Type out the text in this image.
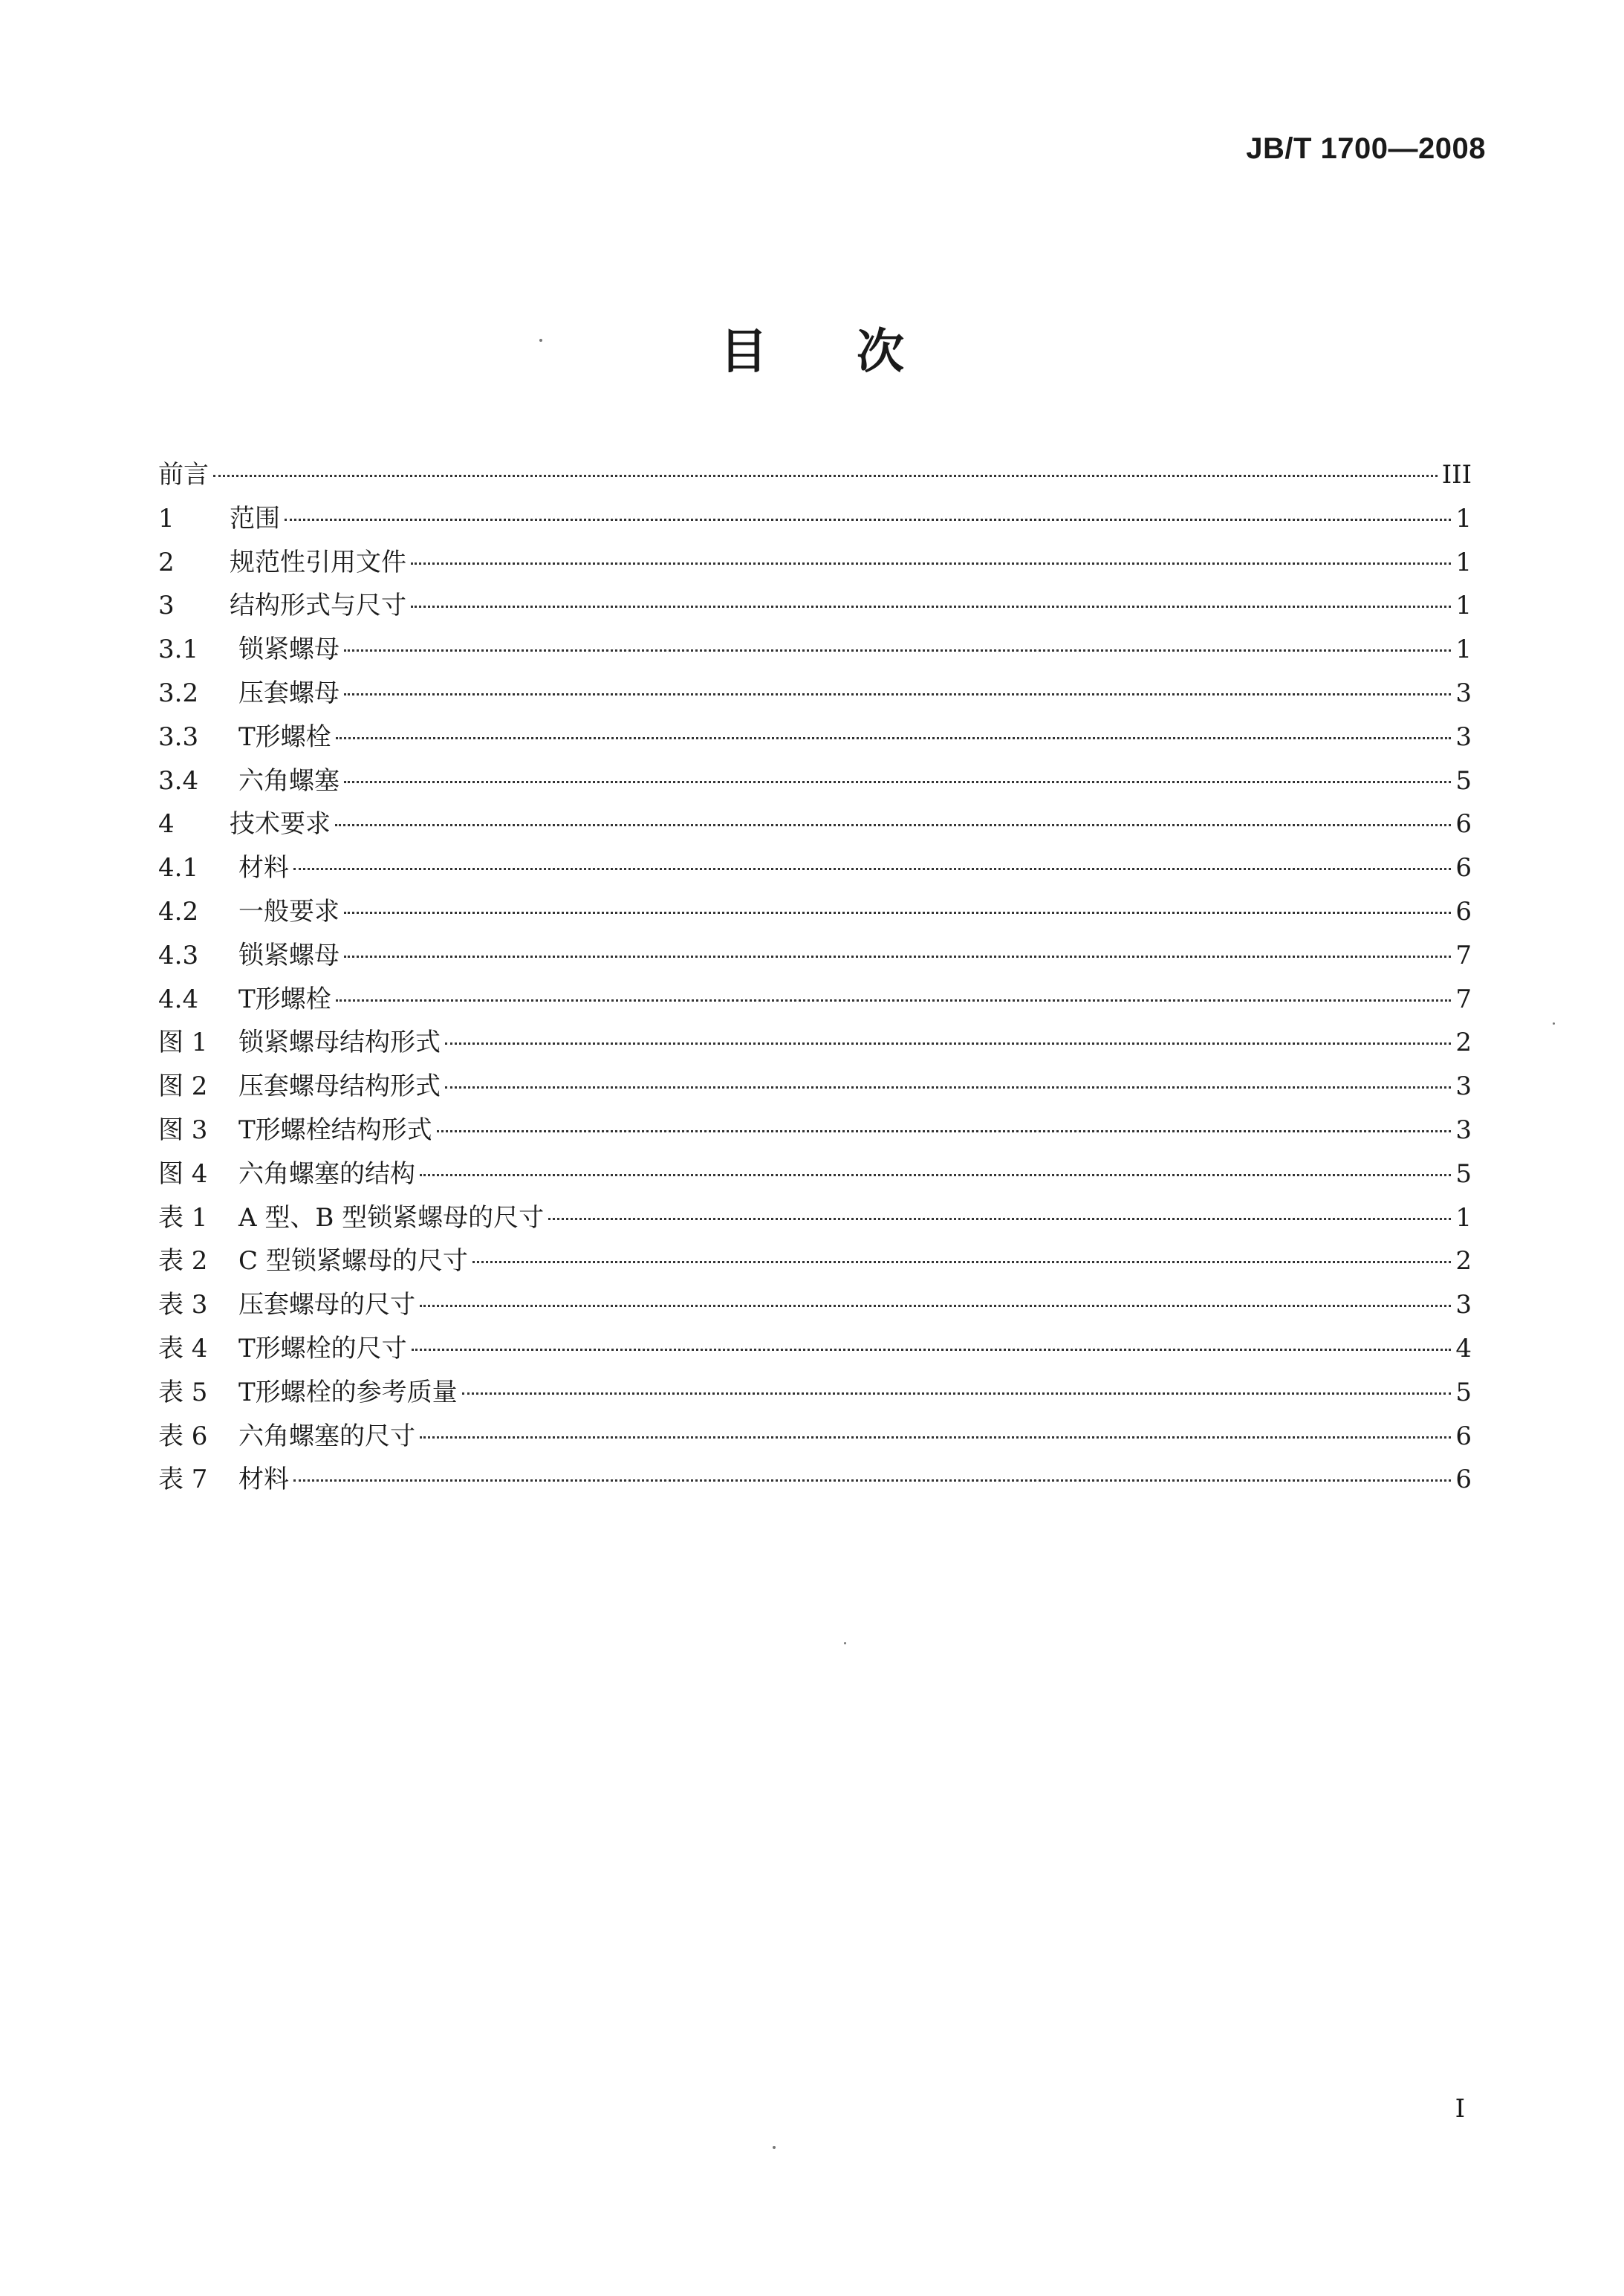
JB/T 1700—2008
目次
前言	III
1	范围	1
2	规范性引用文件	1
3	结构形式与尺寸	1
3.1	锁紧螺母	1
3.2	压套螺母	3
3.3	T形螺栓	3
3.4	六角螺塞	5
4	技术要求	6
4.1	材料	6
4.2	一般要求	6
4.3	锁紧螺母	7
4.4	T形螺栓	7
图 1	锁紧螺母结构形式	2
图 2	压套螺母结构形式	3
图 3	T形螺栓结构形式	3
图 4	六角螺塞的结构	5
表 1	A 型、B 型锁紧螺母的尺寸	1
表 2	C 型锁紧螺母的尺寸	2
表 3	压套螺母的尺寸	3
表 4	T形螺栓的尺寸	4
表 5	T形螺栓的参考质量	5
表 6	六角螺塞的尺寸	6
表 7	材料	6
I
